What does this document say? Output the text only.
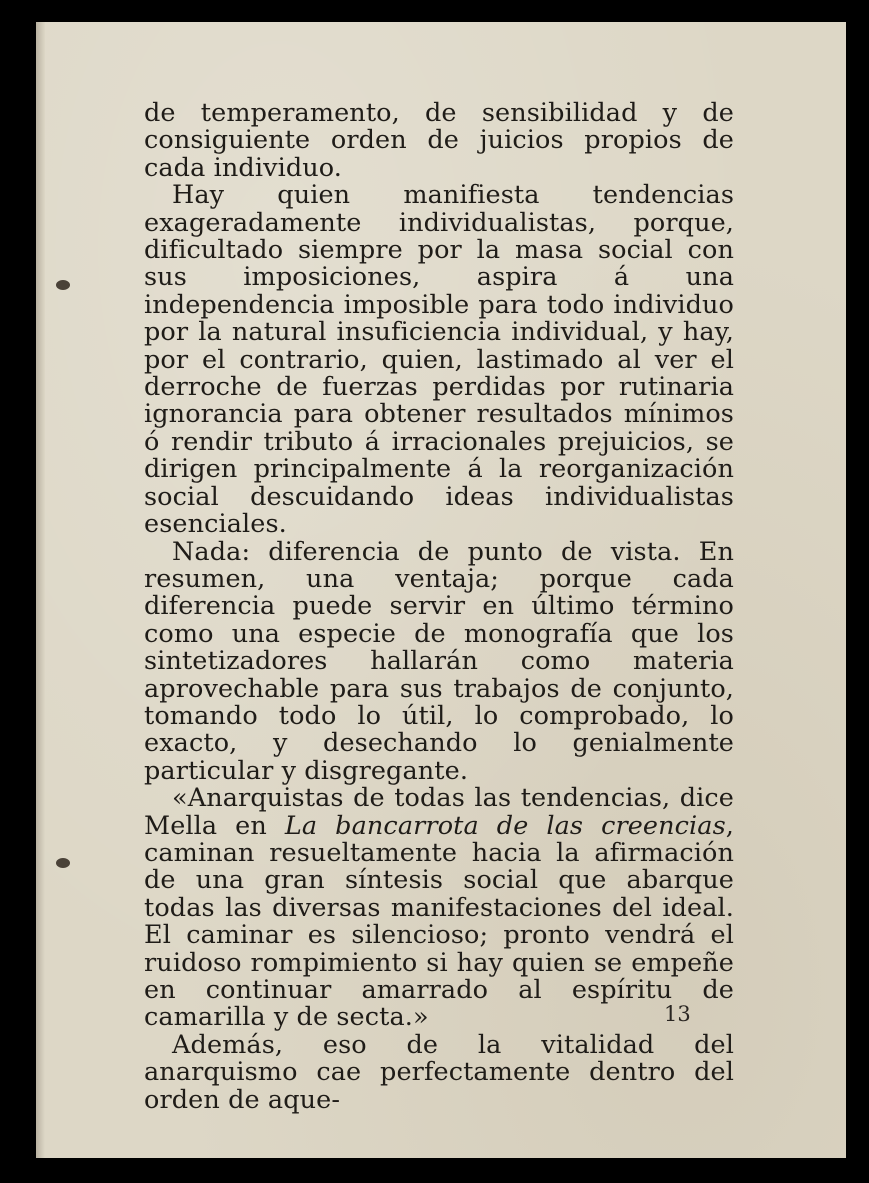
de temperamento, de sensibilidad y de consiguiente orden de juicios propios de cada individuo.

Hay quien manifiesta tendencias exageradamente individualistas, porque, dificultado siempre por la masa social con sus imposiciones, aspira á una independencia imposible para todo individuo por la natural insuficiencia individual, y hay, por el contrario, quien, lastimado al ver el derroche de fuerzas perdidas por rutinaria ignorancia para obtener resultados mínimos ó rendir tributo á irracionales prejuicios, se dirigen principalmente á la reorganización social descuidando ideas individualistas esenciales.

Nada: diferencia de punto de vista. En resumen, una ventaja; porque cada diferencia puede servir en último término como una especie de monografía que los sintetizadores hallarán como materia aprovechable para sus trabajos de conjunto, tomando todo lo útil, lo comprobado, lo exacto, y desechando lo genialmente particular y disgregante.

«Anarquistas de todas las tendencias, dice Mella en La bancarrota de las creencias, caminan resueltamente hacia la afirmación de una gran síntesis social que abarque todas las diversas manifestaciones del ideal. El caminar es silencioso; pronto vendrá el ruidoso rompimiento si hay quien se empeñe en continuar amarrado al espíritu de camarilla y de secta.»

Además, eso de la vitalidad del anarquismo cae perfectamente dentro del orden de aque-

13
